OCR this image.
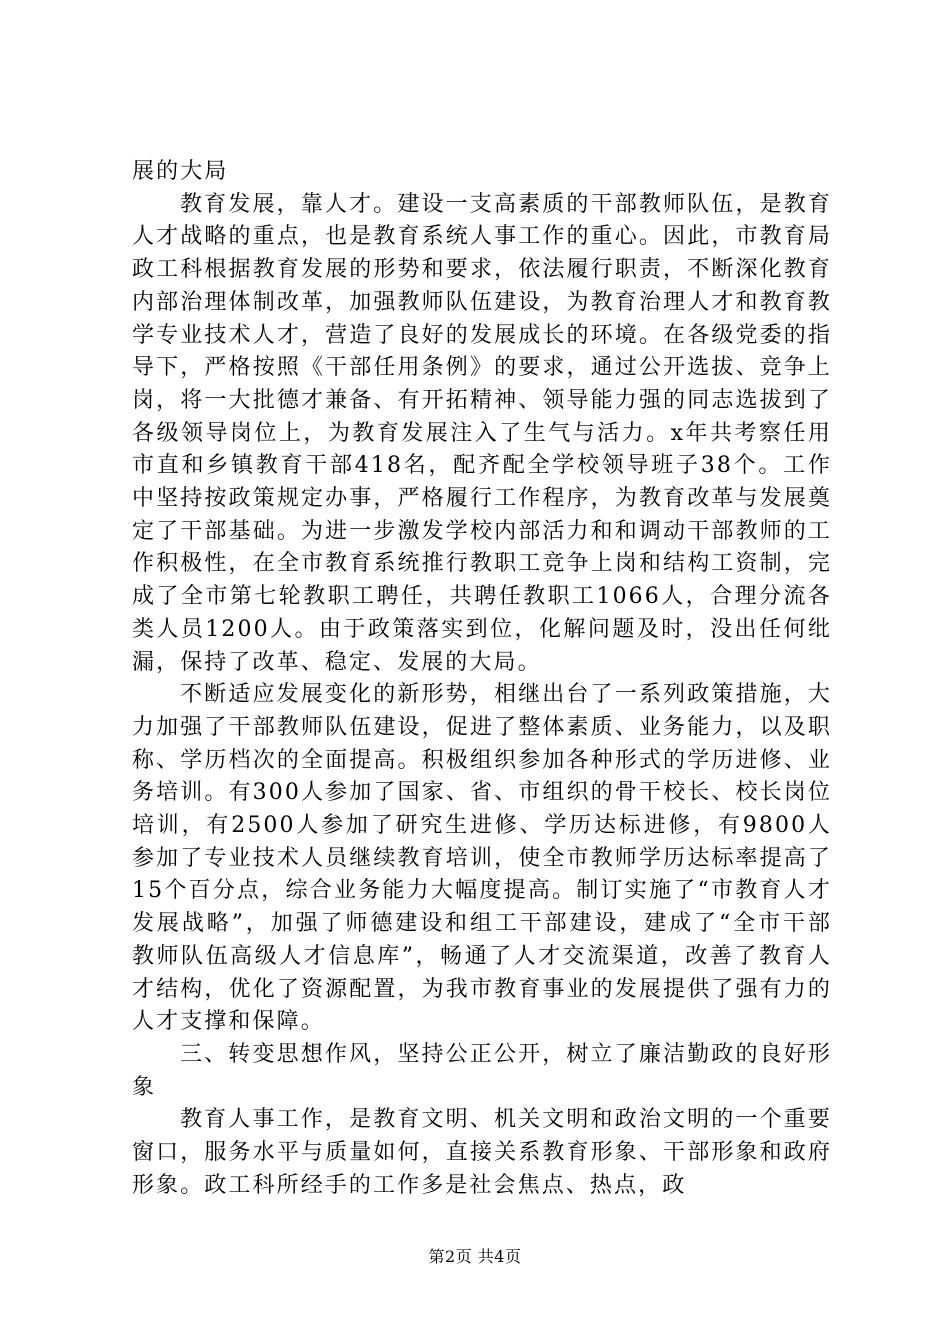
展的大局

教育发展，靠人才。建设一支高素质的干部教师队伍，是教育人才战略的重点，也是教育系统人事工作的重心。因此，市教育局政工科根据教育发展的形势和要求，依法履行职责，不断深化教育内部治理体制改革，加强教师队伍建设，为教育治理人才和教育教学专业技术人才，营造了良好的发展成长的环境。在各级党委的指导下，严格按照《干部任用条例》的要求，通过公开选拔、竞争上岗，将一大批德才兼备、有开拓精神、领导能力强的同志选拔到了各级领导岗位上，为教育发展注入了生气与活力。x年共考察任用市直和乡镇教育干部418名，配齐配全学校领导班子38个。工作中坚持按政策规定办事，严格履行工作程序，为教育改革与发展奠定了干部基础。为进一步激发学校内部活力和和调动干部教师的工作积极性，在全市教育系统推行教职工竞争上岗和结构工资制，完成了全市第七轮教职工聘任，共聘任教职工1066人，合理分流各类人员1200人。由于政策落实到位，化解问题及时，没出任何纰漏，保持了改革、稳定、发展的大局。

不断适应发展变化的新形势，相继出台了一系列政策措施，大力加强了干部教师队伍建设，促进了整体素质、业务能力，以及职称、学历档次的全面提高。积极组织参加各种形式的学历进修、业务培训。有300人参加了国家、省、市组织的骨干校长、校长岗位培训，有2500人参加了研究生进修、学历达标进修，有9800人参加了专业技术人员继续教育培训，使全市教师学历达标率提高了15个百分点，综合业务能力大幅度提高。制订实施了“市教育人才发展战略”，加强了师德建设和组工干部建设，建成了“全市干部教师队伍高级人才信息库”，畅通了人才交流渠道，改善了教育人才结构，优化了资源配置，为我市教育事业的发展提供了强有力的人才支撑和保障。

三、转变思想作风，坚持公正公开，树立了廉洁勤政的良好形象

教育人事工作，是教育文明、机关文明和政治文明的一个重要窗口，服务水平与质量如何，直接关系教育形象、干部形象和政府形象。政工科所经手的工作多是社会焦点、热点，政

第2页 共4页
